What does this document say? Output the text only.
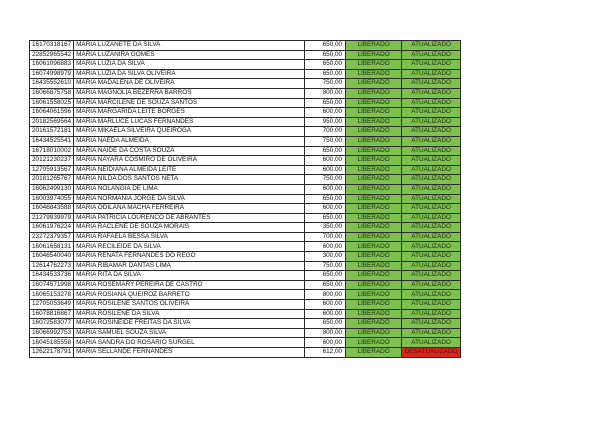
16170318167	MARIA LUZANETE DA SILVA	650,00	LIBERADO	ATUALIZADO
22852965542	MARIA LUZANIRA GOMES	650,00	LIBERADO	ATUALIZADO
16061096883	MARIA LUZIA DA SILVA	650,00	LIBERADO	ATUALIZADO
16074998979	MARIA LUZIA DA SILVA OLIVEIRA	650,00	LIBERADO	ATUALIZADO
16435552610	MARIA MADALENA DE OLIVEIRA	750,00	LIBERADO	ATUALIZADO
16066875758	MARIA MAGNOLIA BEZERRA BARROS	800,00	LIBERADO	ATUALIZADO
16061558025	MARIA MARCILENE DE SOUZA SANTOS	650,00	LIBERADO	ATUALIZADO
16064061596	MARIA MARGARIDA LEITE BORGES	600,00	LIBERADO	ATUALIZADO
20182569564	MARIA MARLUCE LUCAS FERNANDES	950,00	LIBERADO	ATUALIZADO
20161572181	MARIA MIKAELA SILVEIRA QUEIROGA	700,00	LIBERADO	ATUALIZADO
16434525541	MARIA NAEDA ALMEIDA	750,00	LIBERADO	ATUALIZADO
16718010002	MARIA NAIDE DA COSTA SOUZA	650,00	LIBERADO	ATUALIZADO
20121230237	MARIA NAYARA COSMIRO DE OLIVEIRA	600,00	LIBERADO	ATUALIZADO
12705913567	MARIA NEIDIANA ALMEIDA LEITE	600,00	LIBERADO	ATUALIZADO
20181265767	MARIA NILDA DOS SANTOS NETA	750,00	LIBERADO	ATUALIZADO
16062499130	MARIA NOLANGIA DE LIMA	600,00	LIBERADO	ATUALIZADO
16003974055	MARIA NORMANIA JORGE DA SILVA	650,00	LIBERADO	ATUALIZADO
16046843588	MARIA ODILANA MACHA FERREIRA	600,00	LIBERADO	ATUALIZADO
21279939979	MARIA PATRICIA LOURENCO DE ABRANTES	650,00	LIBERADO	ATUALIZADO
16061976224	MARIA RACLENE DE SOUZA MORAIS	350,00	LIBERADO	ATUALIZADO
23272379357	MARIA RAFAELA BESSA SILVA	700,00	LIBERADO	ATUALIZADO
16061658131	MARIA RECILEIDE DA SILVA	600,00	LIBERADO	ATUALIZADO
16046540040	MARIA RENATA FERNANDES DO REGO	300,00	LIBERADO	ATUALIZADO
12614762273	MARIA RIBAMAR DANTAS LIMA	750,00	LIBERADO	ATUALIZADO
16434533736	MARIA RITA DA SILVA	650,00	LIBERADO	ATUALIZADO
16074571998	MARIA ROSEMARY PEREIRA DE CASTRO	650,00	LIBERADO	ATUALIZADO
16065153278	MARIA ROSIANA QUEIROZ BARRETO	800,00	LIBERADO	ATUALIZADO
12705053649	MARIA ROSILENE SANTOS OLIVEIRA	600,00	LIBERADO	ATUALIZADO
16078816867	MARIA ROSILENE DA SILVA	600,00	LIBERADO	ATUALIZADO
16072583077	MARIA ROSINEIDE FREITAS DA SILVA	650,00	LIBERADO	ATUALIZADO
16066992753	MARIA SAMUEL SOUZA SILVA	800,00	LIBERADO	ATUALIZADO
16045185558	MARIA SANDRA DO ROSARIO SURGEL	600,00	LIBERADO	ATUALIZADO
12622178791	MARIA SELLANDE FERNANDES	612,00	LIBERADO	DESATUALIZADO
